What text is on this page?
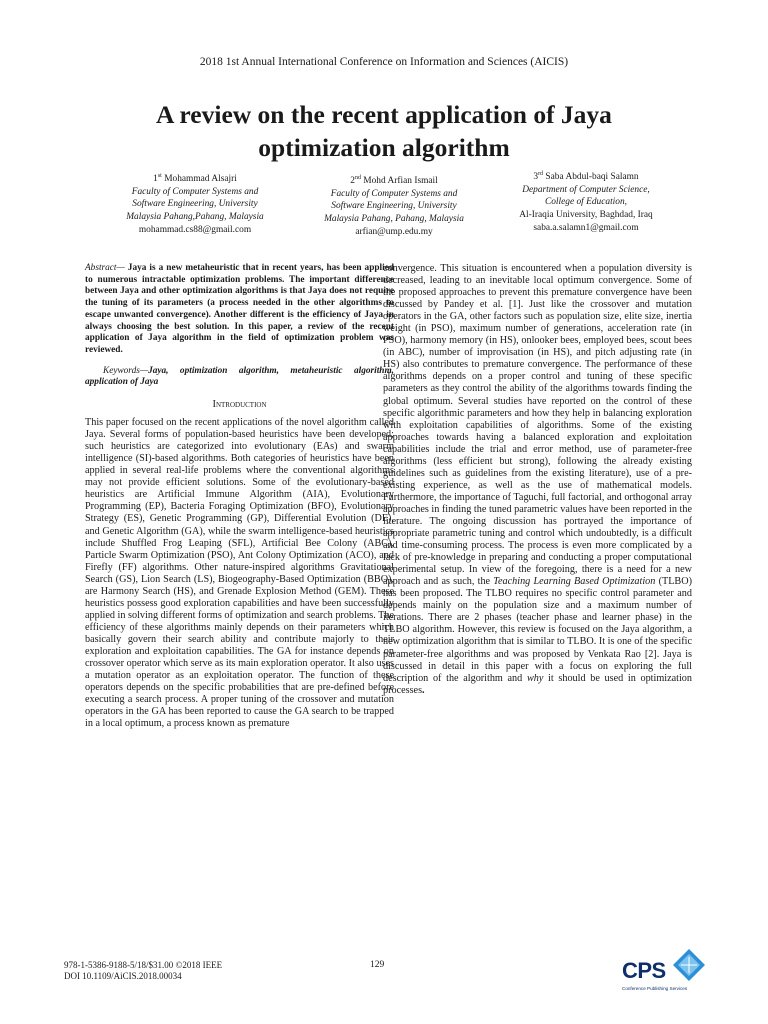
2018 1st Annual International Conference on Information and Sciences (AICIS)
A review on the recent application of Jaya
optimization algorithm
1st Mohammad Alsajri
Faculty of Computer Systems and
Software Engineering, University
Malaysia Pahang,Pahang, Malaysia
mohammad.cs88@gmail.com
2nd Mohd Arfian Ismail
Faculty of Computer Systems and
Software Engineering, University
Malaysia Pahang, Pahang, Malaysia
arfian@ump.edu.my
3rd Saba Abdul-baqi Salamn
Department of Computer Science,
College of Education,
Al-Iraqia University, Baghdad, Iraq
saba.a.salamn1@gmail.com

Abstract— Jaya is a new metaheuristic that in recent years, has been applied to numerous intractable optimization problems. The important difference between Jaya and other optimization algorithms is that Jaya does not require the tuning of its parameters (a process needed in the other algorithms to escape unwanted convergence). Another different is the efficiency of Jaya in always choosing the best solution. In this paper, a review of the recent application of Jaya algorithm in the field of optimization problem was reviewed.

Keywords—Jaya, optimization algorithm, metaheuristic algorithm, application of Jaya

Introduction

This paper focused on the recent applications of the novel algorithm called Jaya. Several forms of population-based heuristics have been developed; such heuristics are categorized into evolutionary (EAs) and swarm intelligence (SI)-based algorithms. Both categories of heuristics have been applied in several real-life problems where the conventional algorithms may not provide efficient solutions. Some of the evolutionary-based heuristics are Artificial Immune Algorithm (AIA), Evolutionary Programming (EP), Bacteria Foraging Optimization (BFO), Evolutionary Strategy (ES), Genetic Programming (GP), Differential Evolution (DE), and Genetic Algorithm (GA), while the swarm intelligence-based heuristics include Shuffled Frog Leaping (SFL), Artificial Bee Colony (ABC), Particle Swarm Optimization (PSO), Ant Colony Optimization (ACO), and Firefly (FF) algorithms. Other nature-inspired algorithms Gravitational Search (GS), Lion Search (LS), Biogeography-Based Optimization (BBO), are Harmony Search (HS), and Grenade Explosion Method (GEM). These heuristics possess good exploration capabilities and have been successfully applied in solving different forms of optimization and search problems. The efficiency of these algorithms mainly depends on their parameters which basically govern their search ability and contribute majorly to their exploration and exploitation capabilities. The GA for instance depends on crossover operator which serve as its main exploration operator. It also uses a mutation operator as an exploitation operator. The function of these operators depends on the specific probabilities that are pre-defined before executing a search process. A proper tuning of the crossover and mutation operators in the GA has been reported to cause the GA search to be trapped in a local optimum, a process known as premature

convergence. This situation is encountered when a population diversity is decreased, leading to an inevitable local optimum convergence. Some of the proposed approaches to prevent this premature convergence have been discussed by Pandey et al. [1]. Just like the crossover and mutation operators in the GA, other factors such as population size, elite size, inertia weight (in PSO), maximum number of generations, acceleration rate (in PSO), harmony memory (in HS), onlooker bees, employed bees, scout bees (in ABC), number of improvisation (in HS), and pitch adjusting rate (in HS) also contributes to premature convergence. The performance of these algorithms depends on a proper control and tuning of these specific parameters as they control the ability of the algorithms towards finding the global optimum. Several studies have reported on the control of these specific algorithmic parameters and how they help in balancing exploration with exploitation capabilities of algorithms. Some of the existing approaches towards having a balanced exploration and exploitation capabilities include the trial and error method, use of parameter-free algorithms (less efficient but strong), following the already existing guidelines such as guidelines from the existing literature), use of a pre-existing experience, as well as the use of mathematical models. Furthermore, the importance of Taguchi, full factorial, and orthogonal array approaches in finding the tuned parametric values have been reported in the literature. The ongoing discussion has portrayed the importance of appropriate parametric tuning and control which undoubtedly, is a difficult and time-consuming process. The process is even more complicated by a lack of pre-knowledge in preparing and conducting a proper computational experimental setup. In view of the foregoing, there is a need for a new approach and as such, the Teaching Learning Based Optimization (TLBO) has been proposed. The TLBO requires no specific control parameter and depends mainly on the population size and a maximum number of iterations. There are 2 phases (teacher phase and learner phase) in the TLBO algorithm. However, this review is focused on the Jaya algorithm, a new optimization algorithm that is similar to TLBO. It is one of the specific parameter-free algorithms and was proposed by Venkata Rao [2]. Jaya is discussed in detail in this paper with a focus on exploring the full description of the algorithm and why it should be used in optimization processes.

978-1-5386-9188-5/18/$31.00 ©2018 IEEE
DOI 10.1109/AiCIS.2018.00034
129	CPS
Conference Publishing Services
